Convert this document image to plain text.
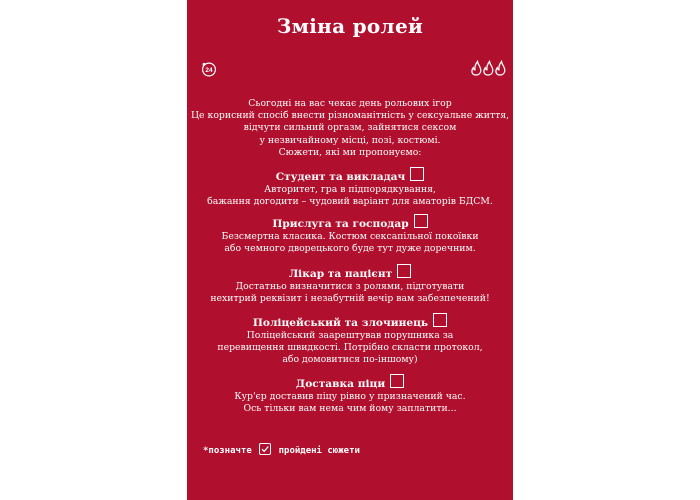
Зміна ролей
24
Сьогодні на вас чекає день рольових ігор
Це корисний спосіб внести різноманітність у сексуальне життя,
відчути сильний оргазм, зайнятися сексом
у незвичайному місці, позі, костюмі.
Сюжети, які ми пропонуємо:
Студент та викладач
Авторитет, гра в підпорядкування,
бажання догодити – чудовий варіант для аматорів БДСМ.
Прислуга та господар
Безсмертна класика. Костюм сексапільної покоївки
або чемного дворецького буде тут дуже доречним.
Лікар та пацієнт
Достатньо визначитися з ролями, підготувати
нехитрий реквізит і незабутній вечір вам забезпечений!
Поліцейський та злочинець
Поліцейський заарештував порушника за
перевищення швидкості. Потрібно скласти протокол,
або домовитися по-іншому)
Доставка піци
Кур'єр доставив піцу рівно у призначений час.
Ось тільки вам нема чим йому заплатити...
*позначте	пройдені сюжети
